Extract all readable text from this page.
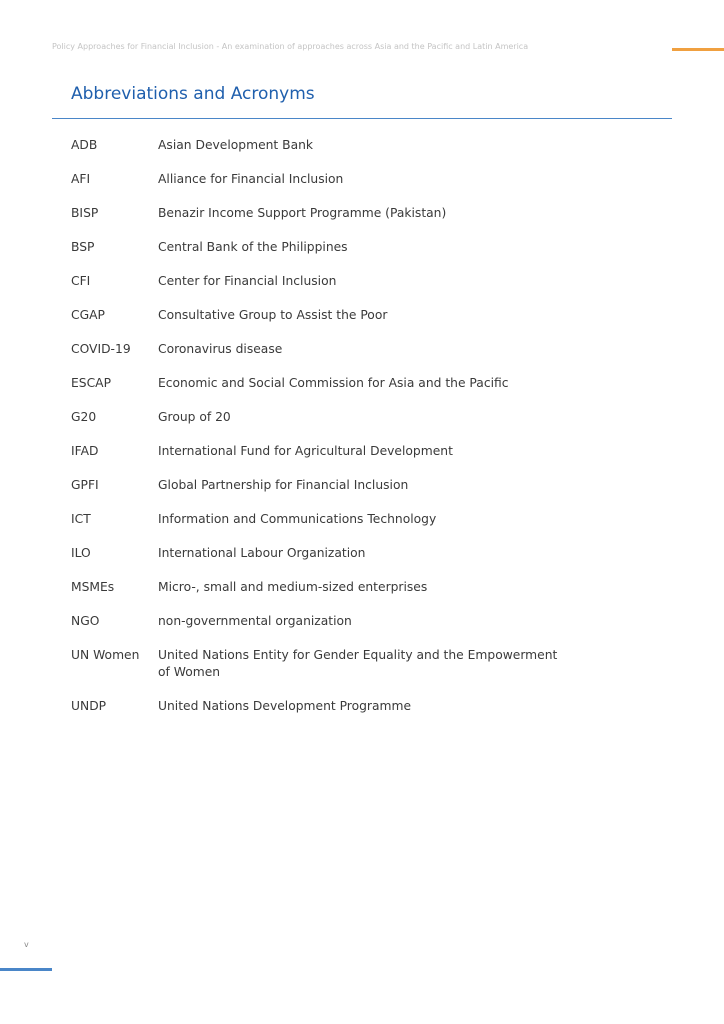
Policy Approaches for Financial Inclusion - An examination of approaches across Asia and the Pacific and Latin America
Abbreviations and Acronyms
ADB	Asian Development Bank
AFI	Alliance for Financial Inclusion
BISP	Benazir Income Support Programme (Pakistan)
BSP	Central Bank of the Philippines
CFI	Center for Financial Inclusion
CGAP	Consultative Group to Assist the Poor
COVID-19	Coronavirus disease
ESCAP	Economic and Social Commission for Asia and the Pacific
G20	Group of 20
IFAD	International Fund for Agricultural Development
GPFI	Global Partnership for Financial Inclusion
ICT	Information and Communications Technology
ILO	International Labour Organization
MSMEs	Micro-, small and medium-sized enterprises
NGO	non-governmental organization
UN Women	United Nations Entity for Gender Equality and the Empowerment of Women
UNDP	United Nations Development Programme
v
